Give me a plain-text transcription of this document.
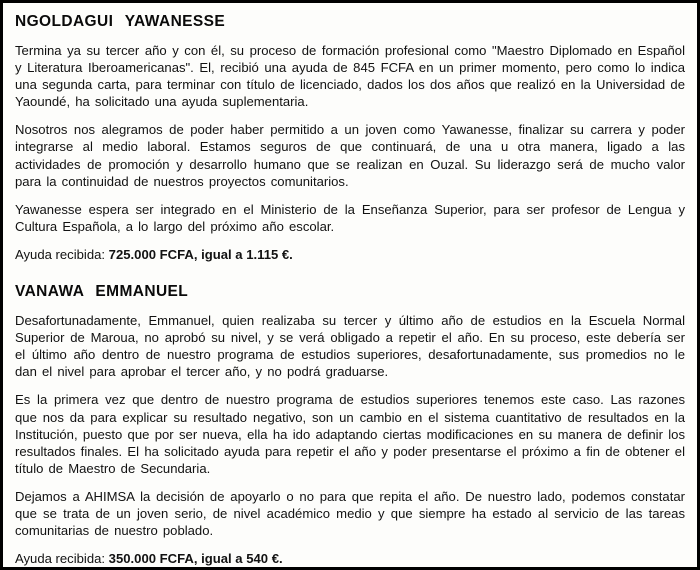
NGOLDAGUI YAWANESSE

Termina ya su tercer año y con él, su proceso de formación profesional como "Maestro Diplomado en Español y Literatura Iberoamericanas". El, recibió una ayuda de 845 FCFA en un primer momento, pero como lo indica una segunda carta, para terminar con título de licenciado, dados los dos años que realizó en la Universidad de Yaoundé, ha solicitado una ayuda suplementaria.

Nosotros nos alegramos de poder haber permitido a un joven como Yawanesse, finalizar su carrera y poder integrarse al medio laboral. Estamos seguros de que continuará, de una u otra manera, ligado a las actividades de promoción y desarrollo humano que se realizan en Ouzal. Su liderazgo será de mucho valor para la continuidad de nuestros proyectos comunitarios.

Yawanesse espera ser integrado en el Ministerio de la Enseñanza Superior, para ser profesor de Lengua y Cultura Española, a lo largo del próximo año escolar.

Ayuda recibida: 725.000 FCFA, igual a 1.115 €.

VANAWA EMMANUEL

Desafortunadamente, Emmanuel, quien realizaba su tercer y último año de estudios en la Escuela Normal Superior de Maroua, no aprobó su nivel, y se verá obligado a repetir el año. En su proceso, este debería ser el último año dentro de nuestro programa de estudios superiores, desafortunadamente, sus promedios no le dan el nivel para aprobar el tercer año, y no podrá graduarse.

Es la primera vez que dentro de nuestro programa de estudios superiores tenemos este caso. Las razones que nos da para explicar su resultado negativo, son un cambio en el sistema cuantitativo de resultados en la Institución, puesto que por ser nueva, ella ha ido adaptando ciertas modificaciones en su manera de definir los resultados finales. El ha solicitado ayuda para repetir el año y poder presentarse el próximo a fin de obtener el título de Maestro de Secundaria.

Dejamos a AHIMSA la decisión de apoyarlo o no para que repita el año. De nuestro lado, podemos constatar que se trata de un joven serio, de nivel académico medio y que siempre ha estado al servicio de las tareas comunitarias de nuestro poblado.

Ayuda recibida: 350.000 FCFA, igual a 540 €.
